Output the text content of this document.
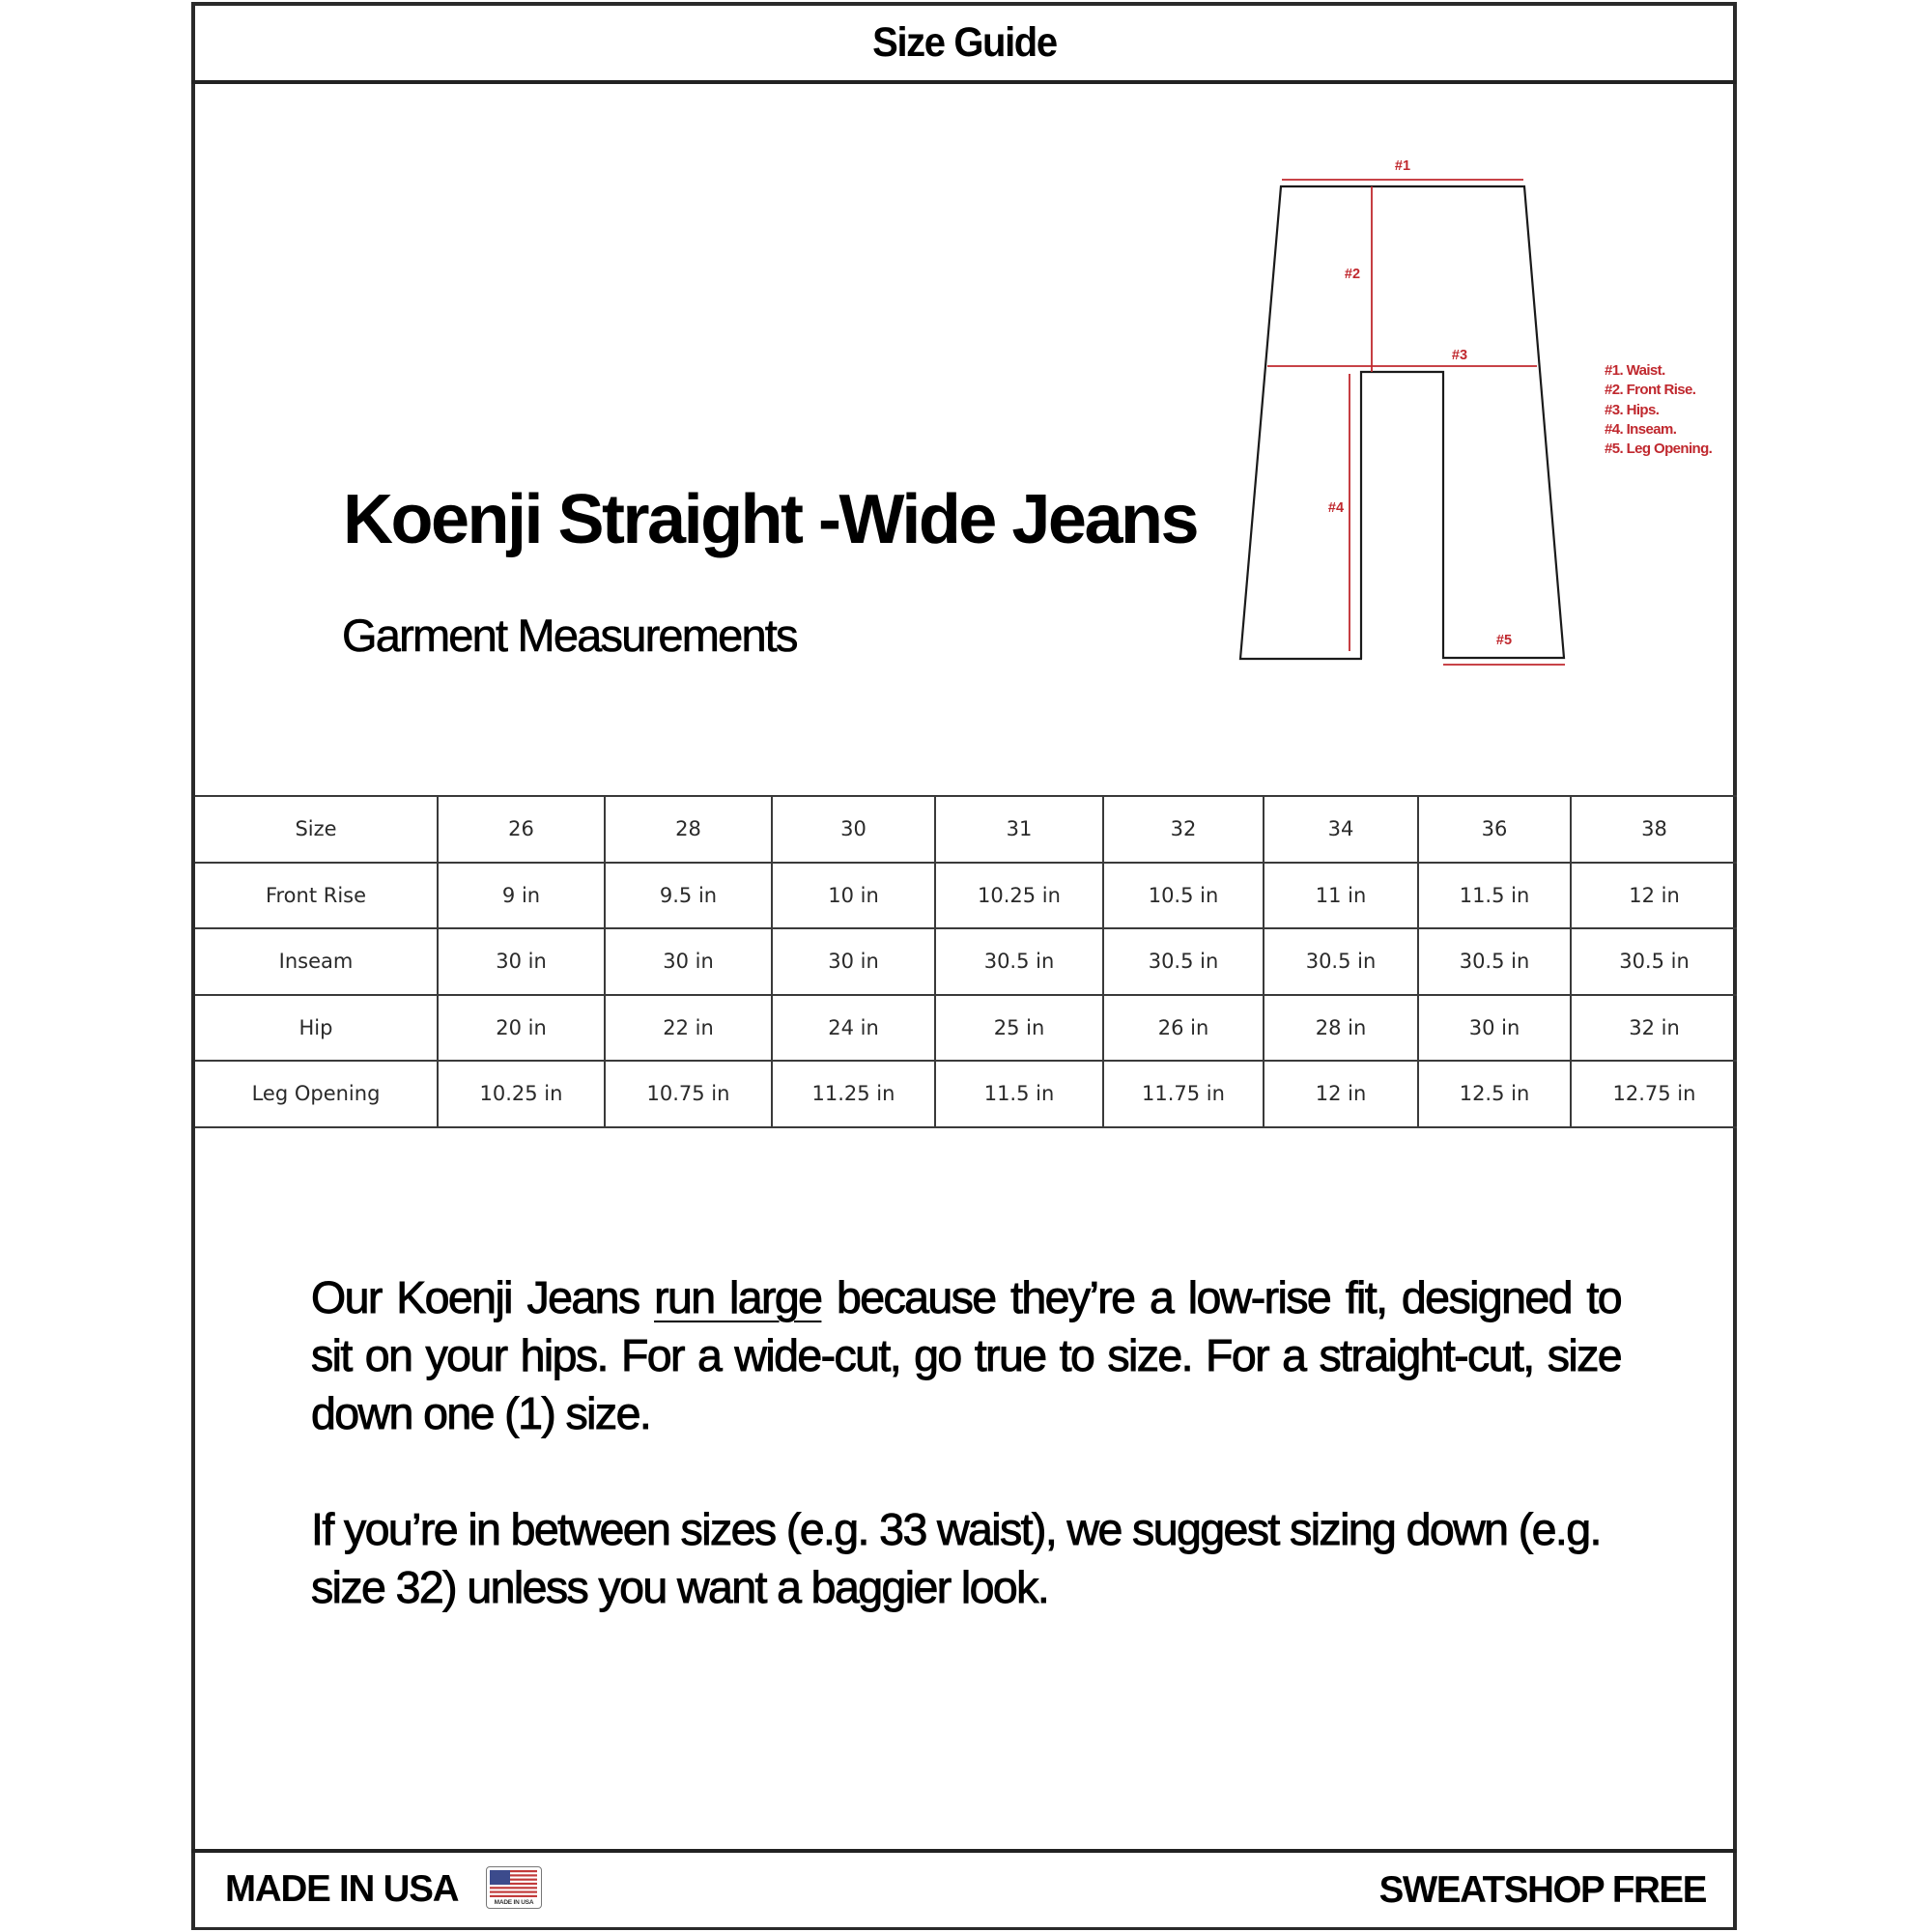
Size Guide
Koenji Straight -Wide Jeans
Garment Measurements
#1
#2
#3
#4
#5
#1. Waist.
#2. Front Rise.
#3. Hips.
#4. Inseam.
#5. Leg Opening.
Size	26	28	30	31	32	34	36	38
Front Rise	9 in	9.5 in	10 in	10.25 in	10.5 in	11 in	11.5 in	12 in
Inseam	30 in	30 in	30 in	30.5 in	30.5 in	30.5 in	30.5 in	30.5 in
Hip	20 in	22 in	24 in	25 in	26 in	28 in	30 in	32 in
Leg Opening	10.25 in	10.75 in	11.25 in	11.5 in	11.75 in	12 in	12.5 in	12.75 in

Our Koenji Jeans run large because they’re a low-rise fit, designed to sit on your hips. For a wide-cut, go true to size. For a straight-cut, size down one (1) size.

If you’re in between sizes (e.g. 33 waist), we suggest sizing down (e.g. size 32) unless you want a baggier look.

MADE IN USA	MADE IN USA	SWEATSHOP FREE
